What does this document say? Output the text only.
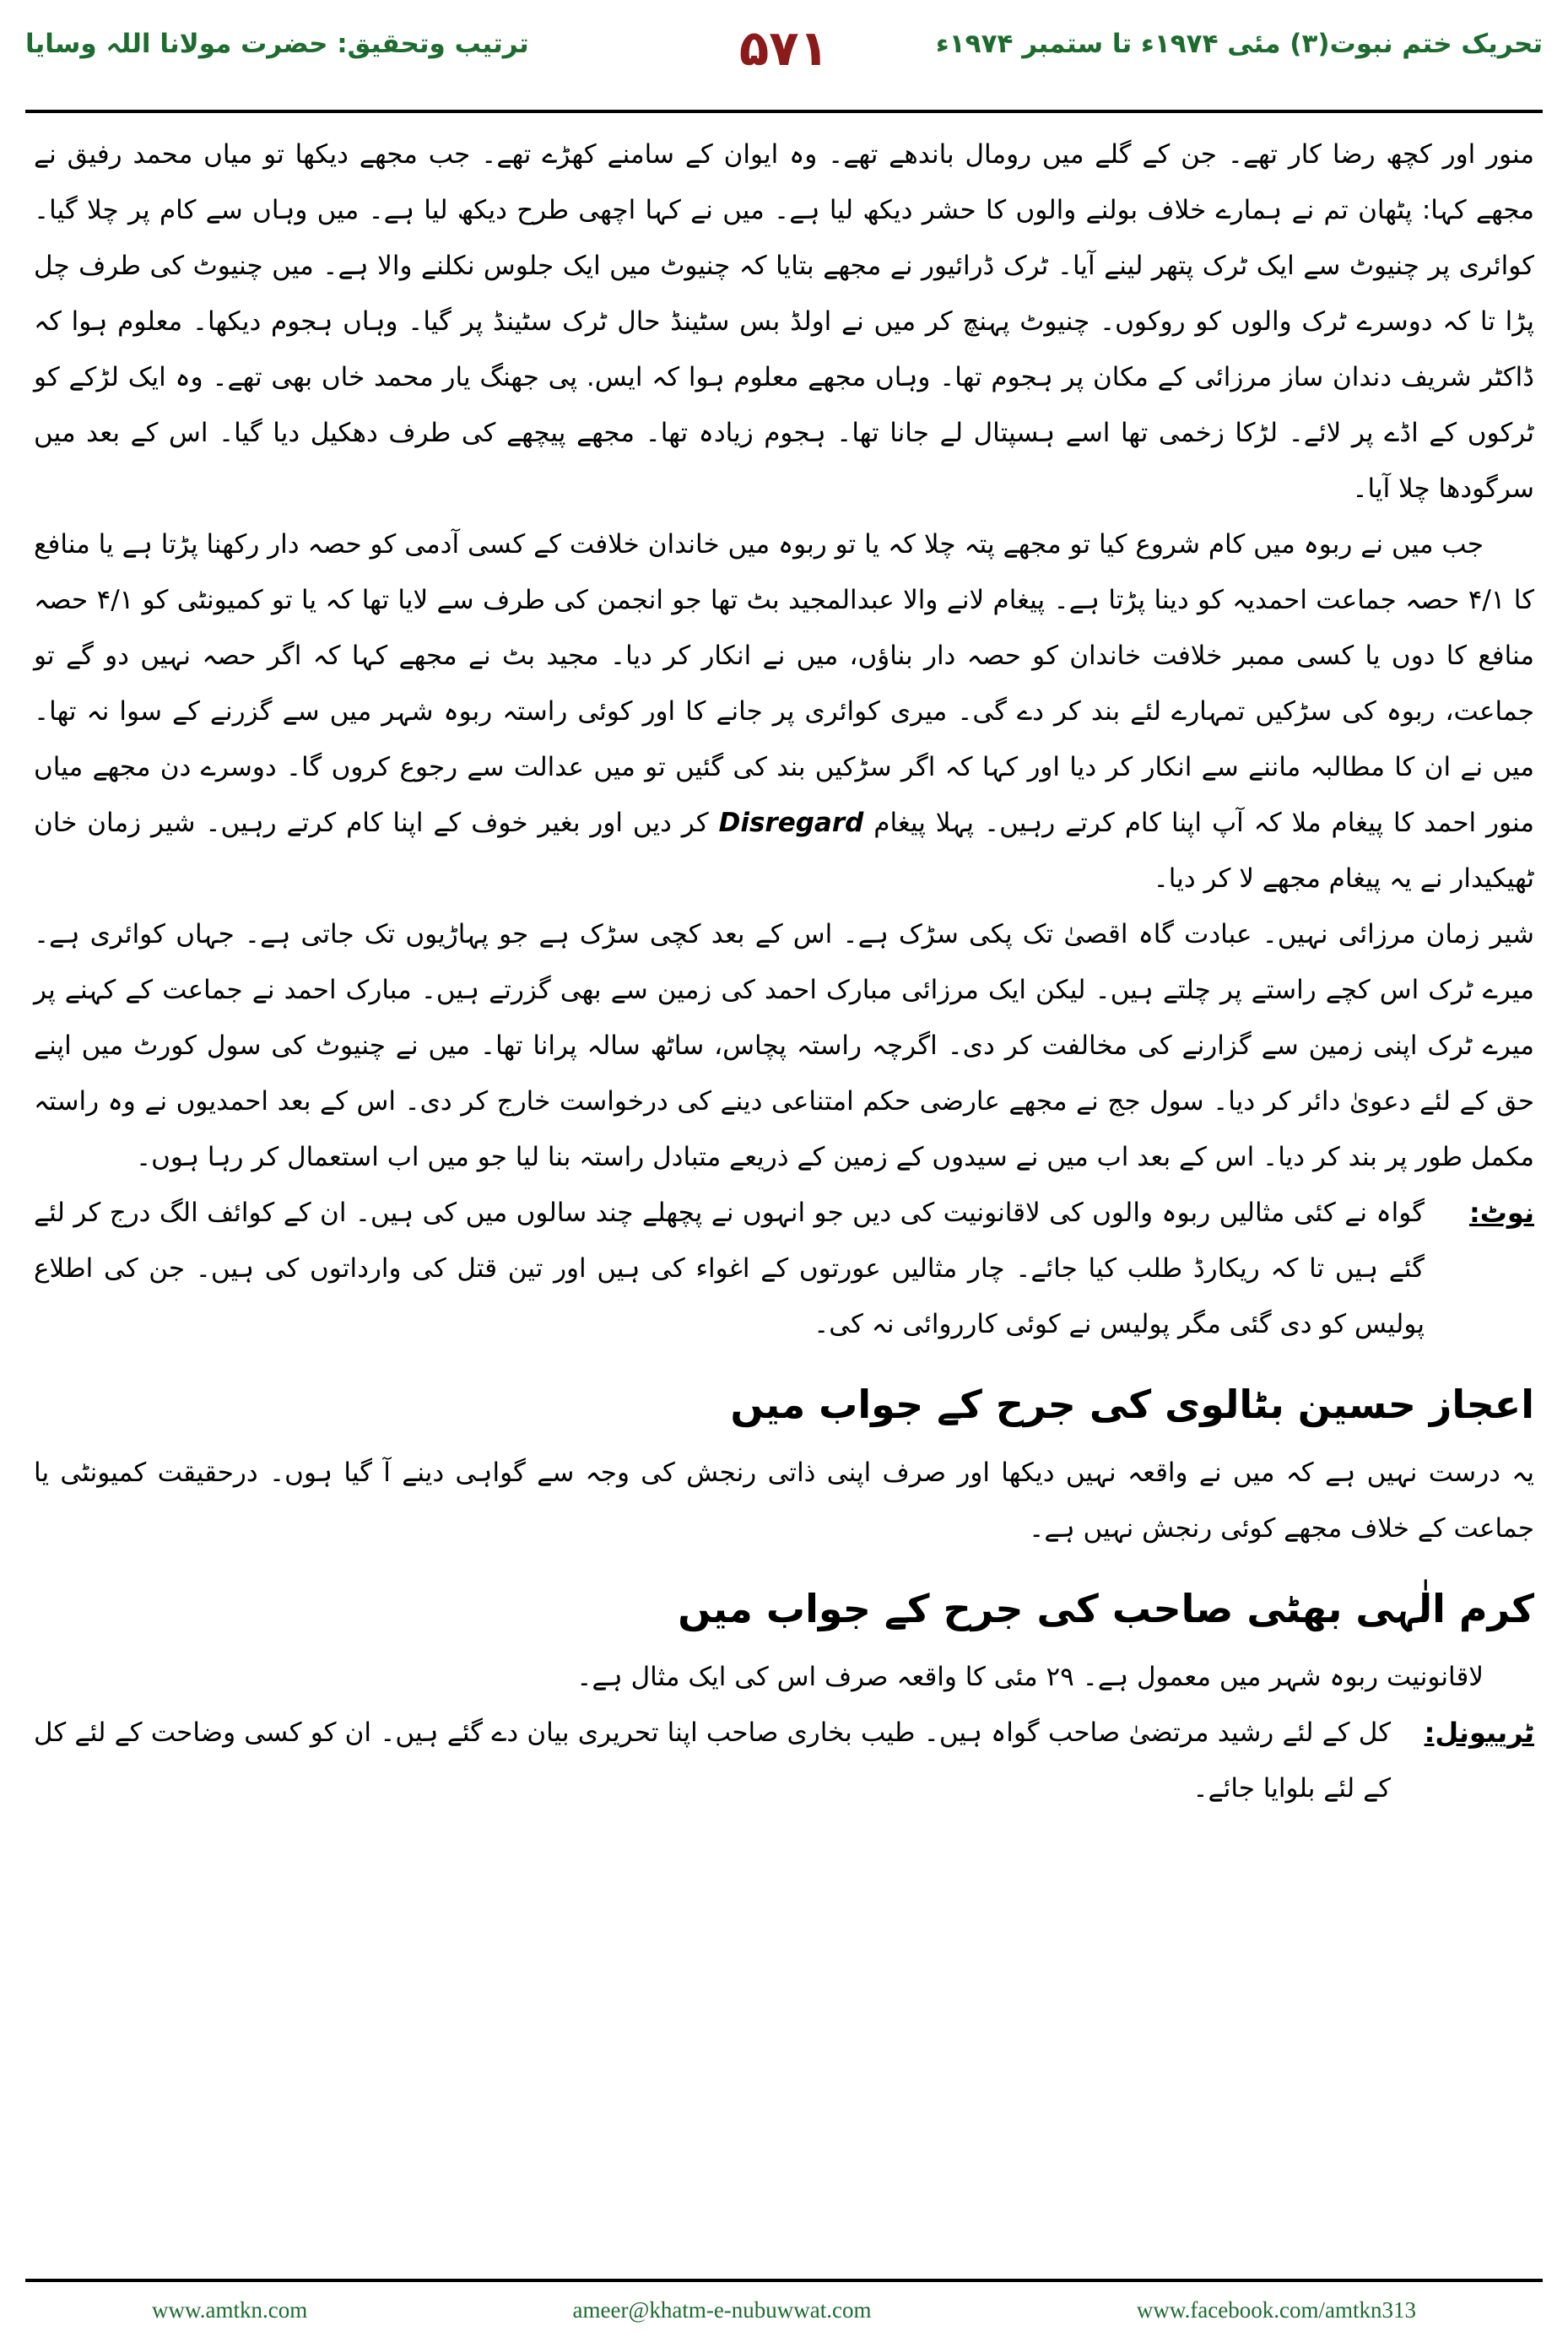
تحریک ختم نبوت(۳) مئی ۱۹۷۴ء تا ستمبر ۱۹۷۴ء
۵۷۱
ترتیب وتحقیق: حضرت مولانا اللہ وسایا

منور اور کچھ رضا کار تھے۔ جن کے گلے میں رومال باندھے تھے۔ وہ ایوان کے سامنے کھڑے تھے۔ جب مجھے دیکھا تو میاں محمد رفیق نے مجھے کہا: پٹھان تم نے ہمارے خلاف بولنے والوں کا حشر دیکھ لیا ہے۔ میں نے کہا اچھی طرح دیکھ لیا ہے۔ میں وہاں سے کام پر چلا گیا۔ کوائری پر چنیوٹ سے ایک ٹرک پتھر لینے آیا۔ ٹرک ڈرائیور نے مجھے بتایا کہ چنیوٹ میں ایک جلوس نکلنے والا ہے۔ میں چنیوٹ کی طرف چل پڑا تا کہ دوسرے ٹرک والوں کو روکوں۔ چنیوٹ پہنچ کر میں نے اولڈ بس سٹینڈ حال ٹرک سٹینڈ پر گیا۔ وہاں ہجوم دیکھا۔ معلوم ہوا کہ ڈاکٹر شریف دندان ساز مرزائی کے مکان پر ہجوم تھا۔ وہاں مجھے معلوم ہوا کہ ایس. پی جھنگ یار محمد خاں بھی تھے۔ وہ ایک لڑکے کو ٹرکوں کے اڈے پر لائے۔ لڑکا زخمی تھا اسے ہسپتال لے جانا تھا۔ ہجوم زیادہ تھا۔ مجھے پیچھے کی طرف دھکیل دیا گیا۔ اس کے بعد میں سرگودھا چلا آیا۔

جب میں نے ربوہ میں کام شروع کیا تو مجھے پتہ چلا کہ یا تو ربوہ میں خاندان خلافت کے کسی آدمی کو حصہ دار رکھنا پڑتا ہے یا منافع کا ۴/۱ حصہ جماعت احمدیہ کو دینا پڑتا ہے۔ پیغام لانے والا عبدالمجید بٹ تھا جو انجمن کی طرف سے لایا تھا کہ یا تو کمیونٹی کو ۴/۱ حصہ منافع کا دوں یا کسی ممبر خلافت خاندان کو حصہ دار بناؤں، میں نے انکار کر دیا۔ مجید بٹ نے مجھے کہا کہ اگر حصہ نہیں دو گے تو جماعت، ربوہ کی سڑکیں تمہارے لئے بند کر دے گی۔ میری کوائری پر جانے کا اور کوئی راستہ ربوہ شہر میں سے گزرنے کے سوا نہ تھا۔ میں نے ان کا مطالبہ ماننے سے انکار کر دیا اور کہا کہ اگر سڑکیں بند کی گئیں تو میں عدالت سے رجوع کروں گا۔ دوسرے دن مجھے میاں منور احمد کا پیغام ملا کہ آپ اپنا کام کرتے رہیں۔ پہلا پیغام Disregard کر دیں اور بغیر خوف کے اپنا کام کرتے رہیں۔ شیر زمان خان ٹھیکیدار نے یہ پیغام مجھے لا کر دیا۔

شیر زمان مرزائی نہیں۔ عبادت گاہ اقصیٰ تک پکی سڑک ہے۔ اس کے بعد کچی سڑک ہے جو پہاڑیوں تک جاتی ہے۔ جہاں کوائری ہے۔ میرے ٹرک اس کچے راستے پر چلتے ہیں۔ لیکن ایک مرزائی مبارک احمد کی زمین سے بھی گزرتے ہیں۔ مبارک احمد نے جماعت کے کہنے پر میرے ٹرک اپنی زمین سے گزارنے کی مخالفت کر دی۔ اگرچہ راستہ پچاس، ساٹھ سالہ پرانا تھا۔ میں نے چنیوٹ کی سول کورٹ میں اپنے حق کے لئے دعویٰ دائر کر دیا۔ سول جج نے مجھے عارضی حکم امتناعی دینے کی درخواست خارج کر دی۔ اس کے بعد احمدیوں نے وہ راستہ مکمل طور پر بند کر دیا۔ اس کے بعد اب میں نے سیدوں کے زمین کے ذریعے متبادل راستہ بنا لیا جو میں اب استعمال کر رہا ہوں۔

نوٹ:

گواہ نے کئی مثالیں ربوہ والوں کی لاقانونیت کی دیں جو انہوں نے پچھلے چند سالوں میں کی ہیں۔ ان کے کوائف الگ درج کر لئے گئے ہیں تا کہ ریکارڈ طلب کیا جائے۔ چار مثالیں عورتوں کے اغواء کی ہیں اور تین قتل کی وارداتوں کی ہیں۔ جن کی اطلاع پولیس کو دی گئی مگر پولیس نے کوئی کارروائی نہ کی۔

اعجاز حسین بٹالوی کی جرح کے جواب میں

یہ درست نہیں ہے کہ میں نے واقعہ نہیں دیکھا اور صرف اپنی ذاتی رنجش کی وجہ سے گواہی دینے آ گیا ہوں۔ درحقیقت کمیونٹی یا جماعت کے خلاف مجھے کوئی رنجش نہیں ہے۔

کرم الٰہی بھٹی صاحب کی جرح کے جواب میں

لاقانونیت ربوہ شہر میں معمول ہے۔ ۲۹ مئی کا واقعہ صرف اس کی ایک مثال ہے۔

ٹریبونل:

کل کے لئے رشید مرتضیٰ صاحب گواہ ہیں۔ طیب بخاری صاحب اپنا تحریری بیان دے گئے ہیں۔ ان کو کسی وضاحت کے لئے کل کے لئے بلوایا جائے۔

www.amtkn.com	ameer@khatm-e-nubuwwat.com	www.facebook.com/amtkn313
